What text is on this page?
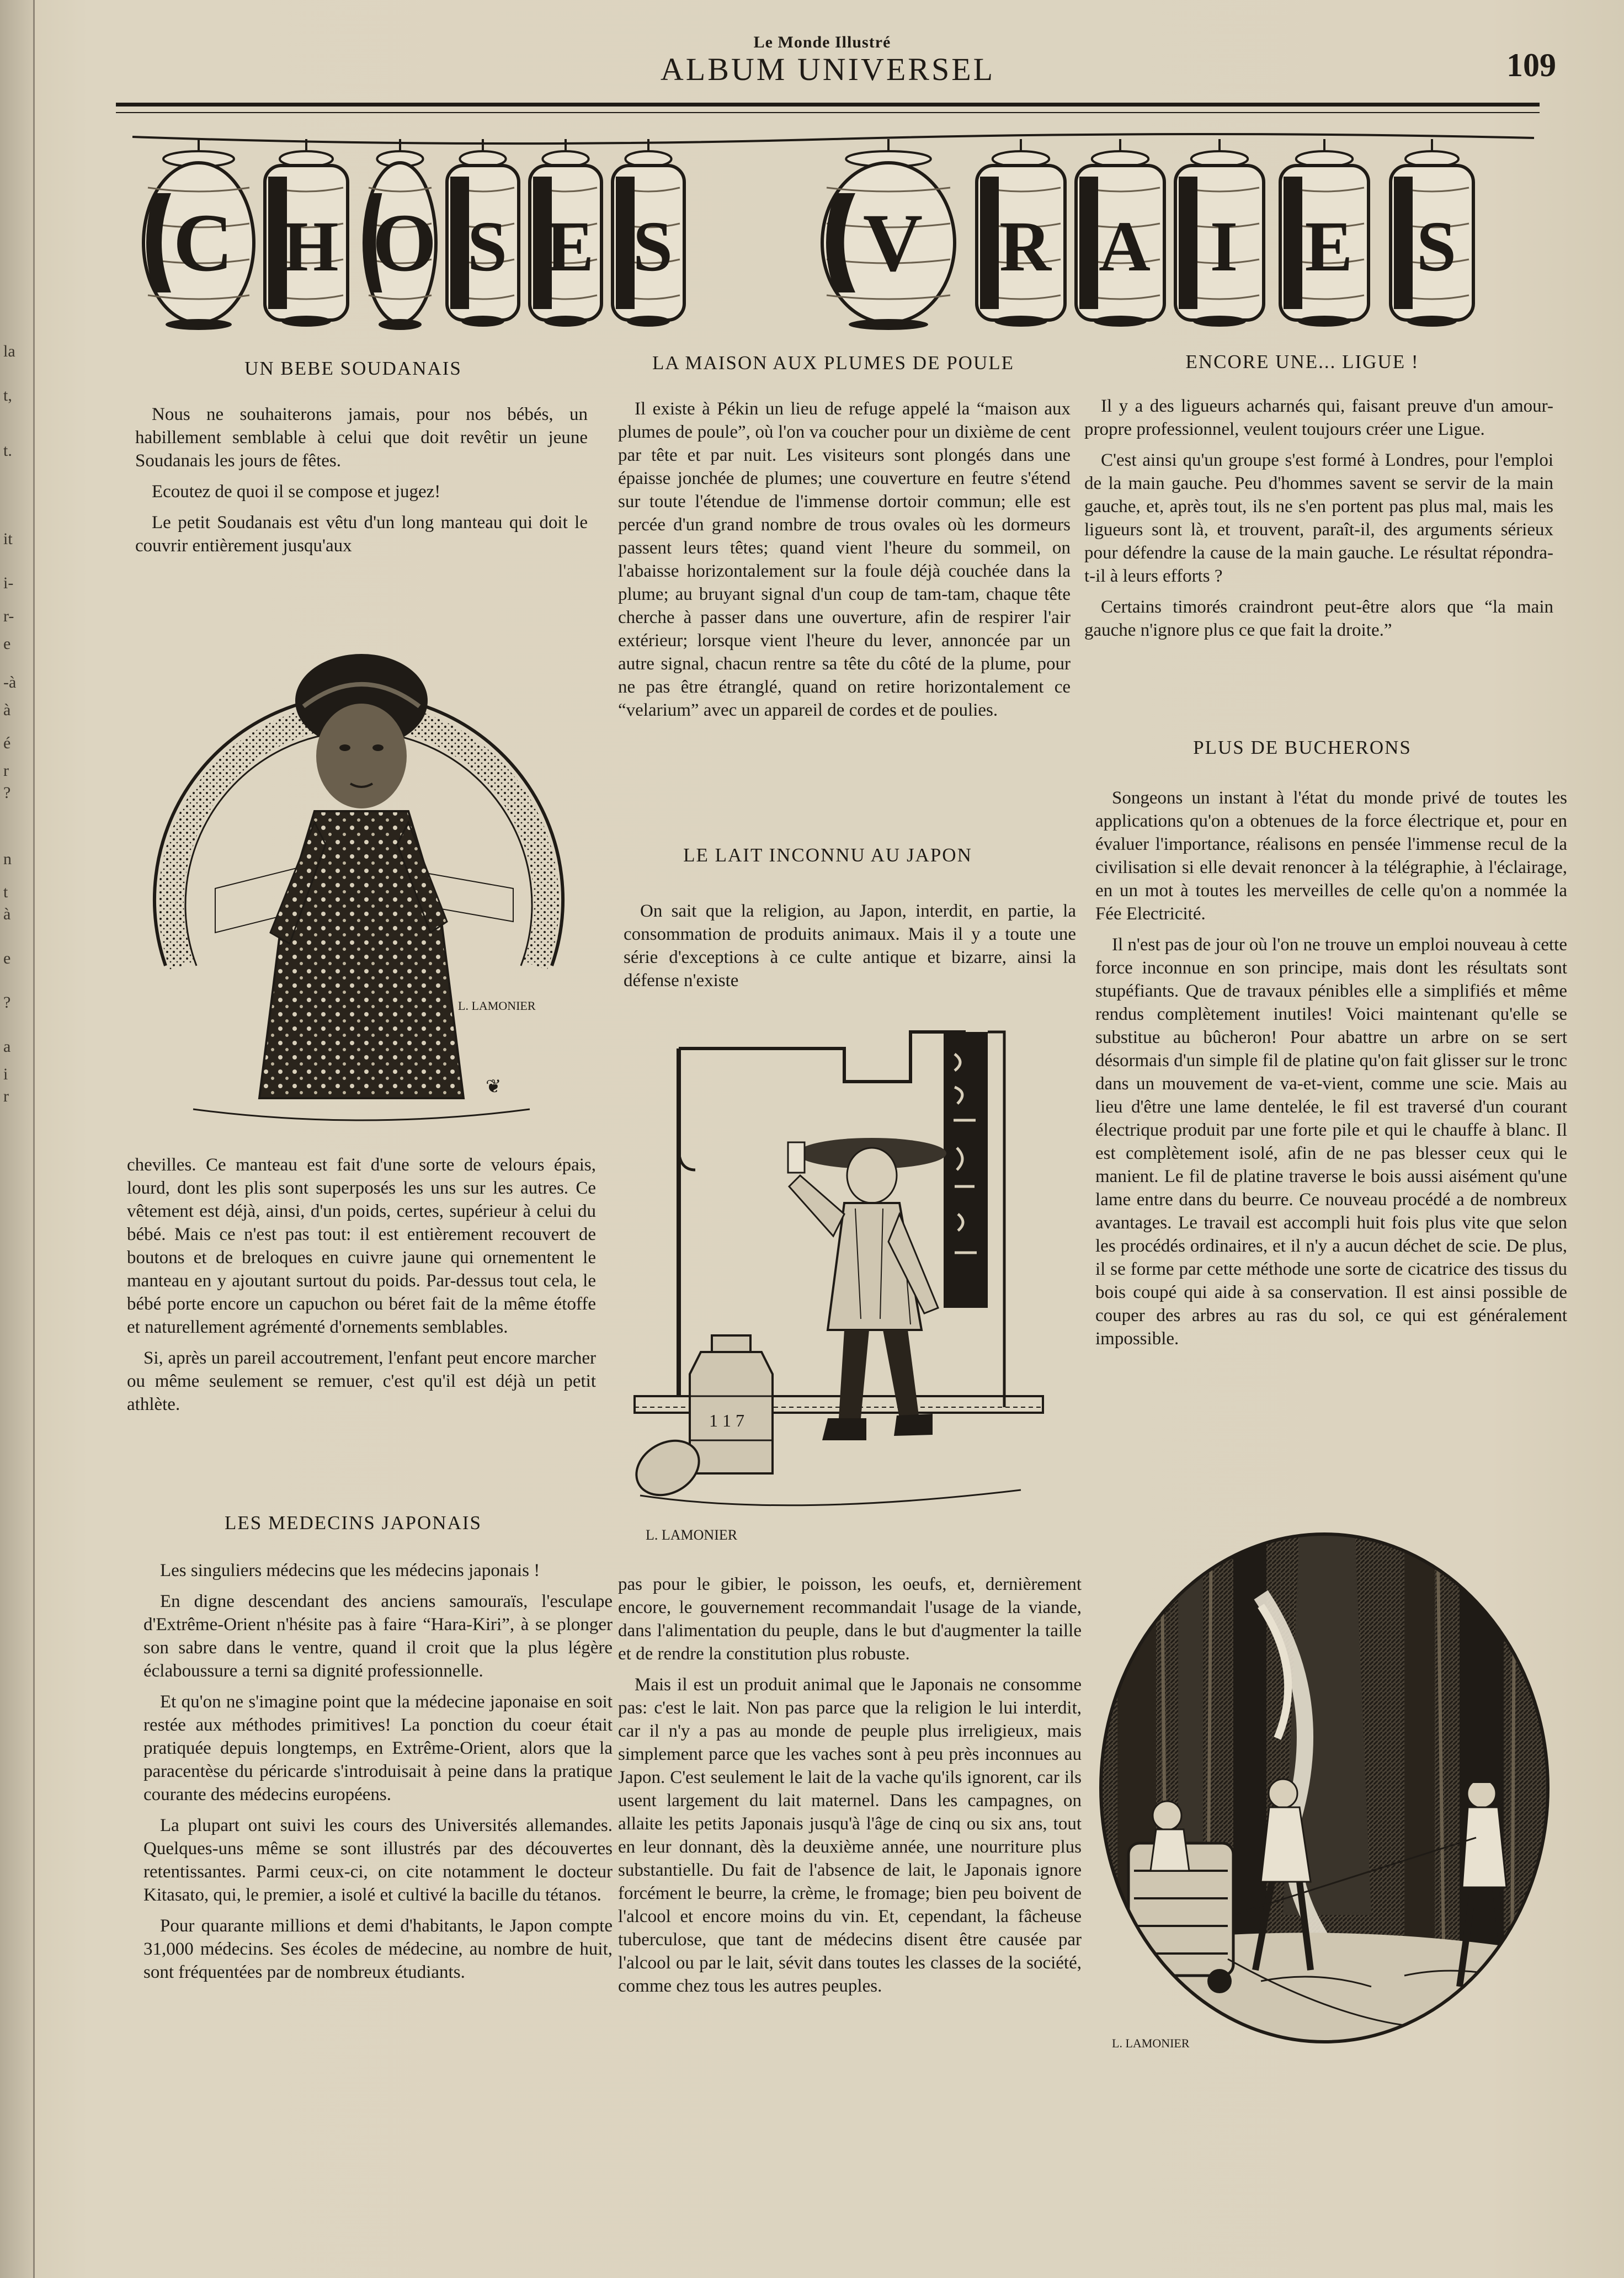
la
t,
t.
it
i-
r-
e
-à
à
é
r
?
n
t
à
e
?
a
i
r
Le Monde Illustré
ALBUM UNIVERSEL	109
C H O S E S V R A I E S
UN BEBE SOUDANAIS

Nous ne souhaiterons jamais, pour nos bébés, un habillement semblable à celui que doit revêtir un jeune Soudanais les jours de fêtes.

Ecoutez de quoi il se compose et jugez!

Le petit Soudanais est vêtu d'un long manteau qui doit le couvrir entièrement jusqu'aux

L. LAMONIER
❦

chevilles. Ce manteau est fait d'une sorte de velours épais, lourd, dont les plis sont superposés les uns sur les autres. Ce vêtement est déjà, ainsi, d'un poids, certes, supérieur à celui du bébé. Mais ce n'est pas tout: il est entièrement recouvert de boutons et de breloques en cuivre jaune qui ornementent le manteau en y ajoutant surtout du poids. Par-dessus tout cela, le bébé porte encore un capuchon ou béret fait de la même étoffe et naturellement agrémenté d'ornements semblables.

Si, après un pareil accoutrement, l'enfant peut encore marcher ou même seulement se remuer, c'est qu'il est déjà un petit athlète.

LES MEDECINS JAPONAIS

Les singuliers médecins que les médecins japonais !

En digne descendant des anciens samouraïs, l'esculape d'Extrême-Orient n'hésite pas à faire “Hara-Kiri”, à se plonger son sabre dans le ventre, quand il croit que la plus légère éclaboussure a terni sa dignité professionnelle.

Et qu'on ne s'imagine point que la médecine japonaise en soit restée aux méthodes primitives! La ponction du coeur était pratiquée depuis longtemps, en Extrême-Orient, alors que la paracentèse du péricarde s'introduisait à peine dans la pratique courante des médecins européens.

La plupart ont suivi les cours des Universités allemandes. Quelques-uns même se sont illustrés par des découvertes retentissantes. Parmi ceux-ci, on cite notamment le docteur Kitasato, qui, le premier, a isolé et cultivé la bacille du tétanos.

Pour quarante millions et demi d'habitants, le Japon compte 31,000 médecins. Ses écoles de médecine, au nombre de huit, sont fréquentées par de nombreux étudiants.

LA MAISON AUX PLUMES DE POULE

Il existe à Pékin un lieu de refuge appelé la “maison aux plumes de poule”, où l'on va coucher pour un dixième de cent par tête et par nuit. Les visiteurs sont plongés dans une épaisse jonchée de plumes; une couverture en feutre s'étend sur toute l'étendue de l'immense dortoir commun; elle est percée d'un grand nombre de trous ovales où les dormeurs passent leurs têtes; quand vient l'heure du sommeil, on l'abaisse horizontalement sur la foule déjà couchée dans la plume; au bruyant signal d'un coup de tam-tam, chaque tête cherche à passer dans une ouverture, afin de respirer l'air extérieur; lorsque vient l'heure du lever, annoncée par un autre signal, chacun rentre sa tête du côté de la plume, pour ne pas être étranglé, quand on retire horizontalement ce “velarium” avec un appareil de cordes et de poulies.

LE LAIT INCONNU AU JAPON

On sait que la religion, au Japon, interdit, en partie, la consommation de produits animaux. Mais il y a toute une série d'exceptions à ce culte antique et bizarre, ainsi la défense n'existe

1 1 7
L. LAMONIER

pas pour le gibier, le poisson, les oeufs, et, dernièrement encore, le gouvernement recommandait l'usage de la viande, dans l'alimentation du peuple, dans le but d'augmenter la taille et de rendre la constitution plus robuste.

Mais il est un produit animal que le Japonais ne consomme pas: c'est le lait. Non pas parce que la religion le lui interdit, car il n'y a pas au monde de peuple plus irreligieux, mais simplement parce que les vaches sont à peu près inconnues au Japon. C'est seulement le lait de la vache qu'ils ignorent, car ils usent largement du lait maternel. Dans les campagnes, on allaite les petits Japonais jusqu'à l'âge de cinq ou six ans, tout en leur donnant, dès la deuxième année, une nourriture plus substantielle. Du fait de l'absence de lait, le Japonais ignore forcément le beurre, la crème, le fromage; bien peu boivent de l'alcool et encore moins du vin. Et, cependant, la fâcheuse tuberculose, que tant de médecins disent être causée par l'alcool ou par le lait, sévit dans toutes les classes de la société, comme chez tous les autres peuples.

ENCORE UNE... LIGUE !

Il y a des ligueurs acharnés qui, faisant preuve d'un amour-propre professionnel, veulent toujours créer une Ligue.

C'est ainsi qu'un groupe s'est formé à Londres, pour l'emploi de la main gauche. Peu d'hommes savent se servir de la main gauche, et, après tout, ils ne s'en portent pas plus mal, mais les ligueurs sont là, et trouvent, paraît-il, des arguments sérieux pour défendre la cause de la main gauche. Le résultat répondra-t-il à leurs efforts ?

Certains timorés craindront peut-être alors que “la main gauche n'ignore plus ce que fait la droite.”

PLUS DE BUCHERONS

Songeons un instant à l'état du monde privé de toutes les applications qu'on a obtenues de la force électrique et, pour en évaluer l'importance, réalisons en pensée l'immense recul de la civilisation si elle devait renoncer à la télégraphie, à l'éclairage, en un mot à toutes les merveilles de celle qu'on a nommée la Fée Electricité.

Il n'est pas de jour où l'on ne trouve un emploi nouveau à cette force inconnue en son principe, mais dont les résultats sont stupéfiants. Que de travaux pénibles elle a simplifiés et même rendus complètement inutiles! Voici maintenant qu'elle se substitue au bûcheron! Pour abattre un arbre on se sert désormais d'un simple fil de platine qu'on fait glisser sur le tronc dans un mouvement de va-et-vient, comme une scie. Mais au lieu d'être une lame dentelée, le fil est traversé d'un courant électrique produit par une forte pile et qui le chauffe à blanc. Il est complètement isolé, afin de ne pas blesser ceux qui le manient. Le fil de platine traverse le bois aussi aisément qu'une lame entre dans du beurre. Ce nouveau procédé a de nombreux avantages. Le travail est accompli huit fois plus vite que selon les procédés ordinaires, et il n'y a aucun déchet de scie. De plus, il se forme par cette méthode une sorte de cicatrice des tissus du bois coupé qui aide à sa conservation. Il est ainsi possible de couper des arbres au ras du sol, ce qui est généralement impossible.

L. LAMONIER
